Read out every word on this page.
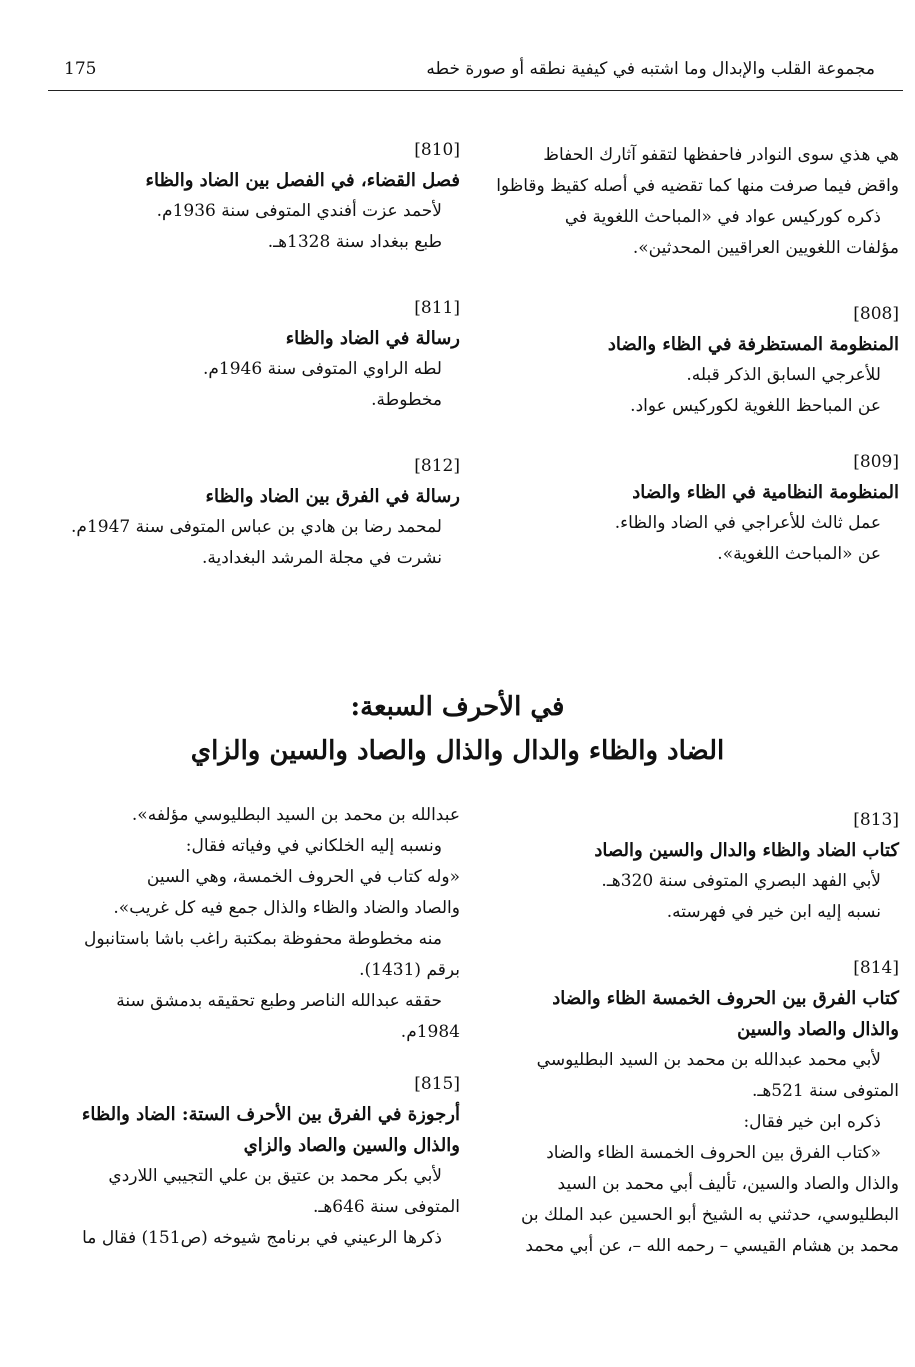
175	مجموعة القلب والإبدال وما اشتبه في كيفية نطقه أو صورة خطه

هي هذي سوى النوادر فاحفظها لتقفو آثارك الحفاظ

واقض فيما صرفت منها كما تقضيه في أصله كقيظ وقاظوا

ذكره كوركيس عواد في «المباحث اللغوية في

مؤلفات اللغويين العراقيين المحدثين».

[808]

المنظومة المستظرفة في الظاء والضاد

للأعرجي السابق الذكر قبله.

عن المباحظ اللغوية لكوركيس عواد.

[809]

المنظومة النظامية في الظاء والضاد

عمل ثالث للأعراجي في الضاد والظاء.

عن «المباحث اللغوية».

[810]

فصل القضاء، في الفصل بين الضاد والظاء

لأحمد عزت أفندي المتوفى سنة 1936م.

طبع ببغداد سنة 1328هـ.

[811]

رسالة في الضاد والظاء

لطه الراوي المتوفى سنة 1946م.

مخطوطة.

[812]

رسالة في الفرق بين الضاد والظاء

لمحمد رضا بن هادي بن عباس المتوفى سنة 1947م.

نشرت في مجلة المرشد البغدادية.

في الأحرف السبعة:
الضاد والظاء والدال والذال والصاد والسين والزاي
[813]

كتاب الضاد والظاء والدال والسين والصاد

لأبي الفهد البصري المتوفى سنة 320هـ.

نسبه إليه ابن خير في فهرسته.

[814]

كتاب الفرق بين الحروف الخمسة الظاء والضاد

والذال والصاد والسين

لأبي محمد عبدالله بن محمد بن السيد البطليوسي

المتوفى سنة 521هـ.

ذكره ابن خير فقال:

«كتاب الفرق بين الحروف الخمسة الظاء والضاد

والذال والصاد والسين، تأليف أبي محمد بن السيد

البطليوسي، حدثني به الشيخ أبو الحسين عبد الملك بن

محمد بن هشام القيسي – رحمه الله –، عن أبي محمد

عبدالله بن محمد بن السيد البطليوسي مؤلفه».

ونسبه إليه الخلكاني في وفياته فقال:

«وله كتاب في الحروف الخمسة، وهي السين

والصاد والضاد والظاء والذال جمع فيه كل غريب».

منه مخطوطة محفوظة بمكتبة راغب باشا باستانبول

برقم (1431).

حققه عبدالله الناصر وطبع تحقيقه بدمشق سنة

1984م.

[815]

أرجوزة في الفرق بين الأحرف الستة: الضاد والظاء

والذال والسين والصاد والزاي

لأبي بكر محمد بن عتيق بن علي التجيبي اللاردي

المتوفى سنة 646هـ.

ذكرها الرعيني في برنامج شيوخه (ص151) فقال ما
